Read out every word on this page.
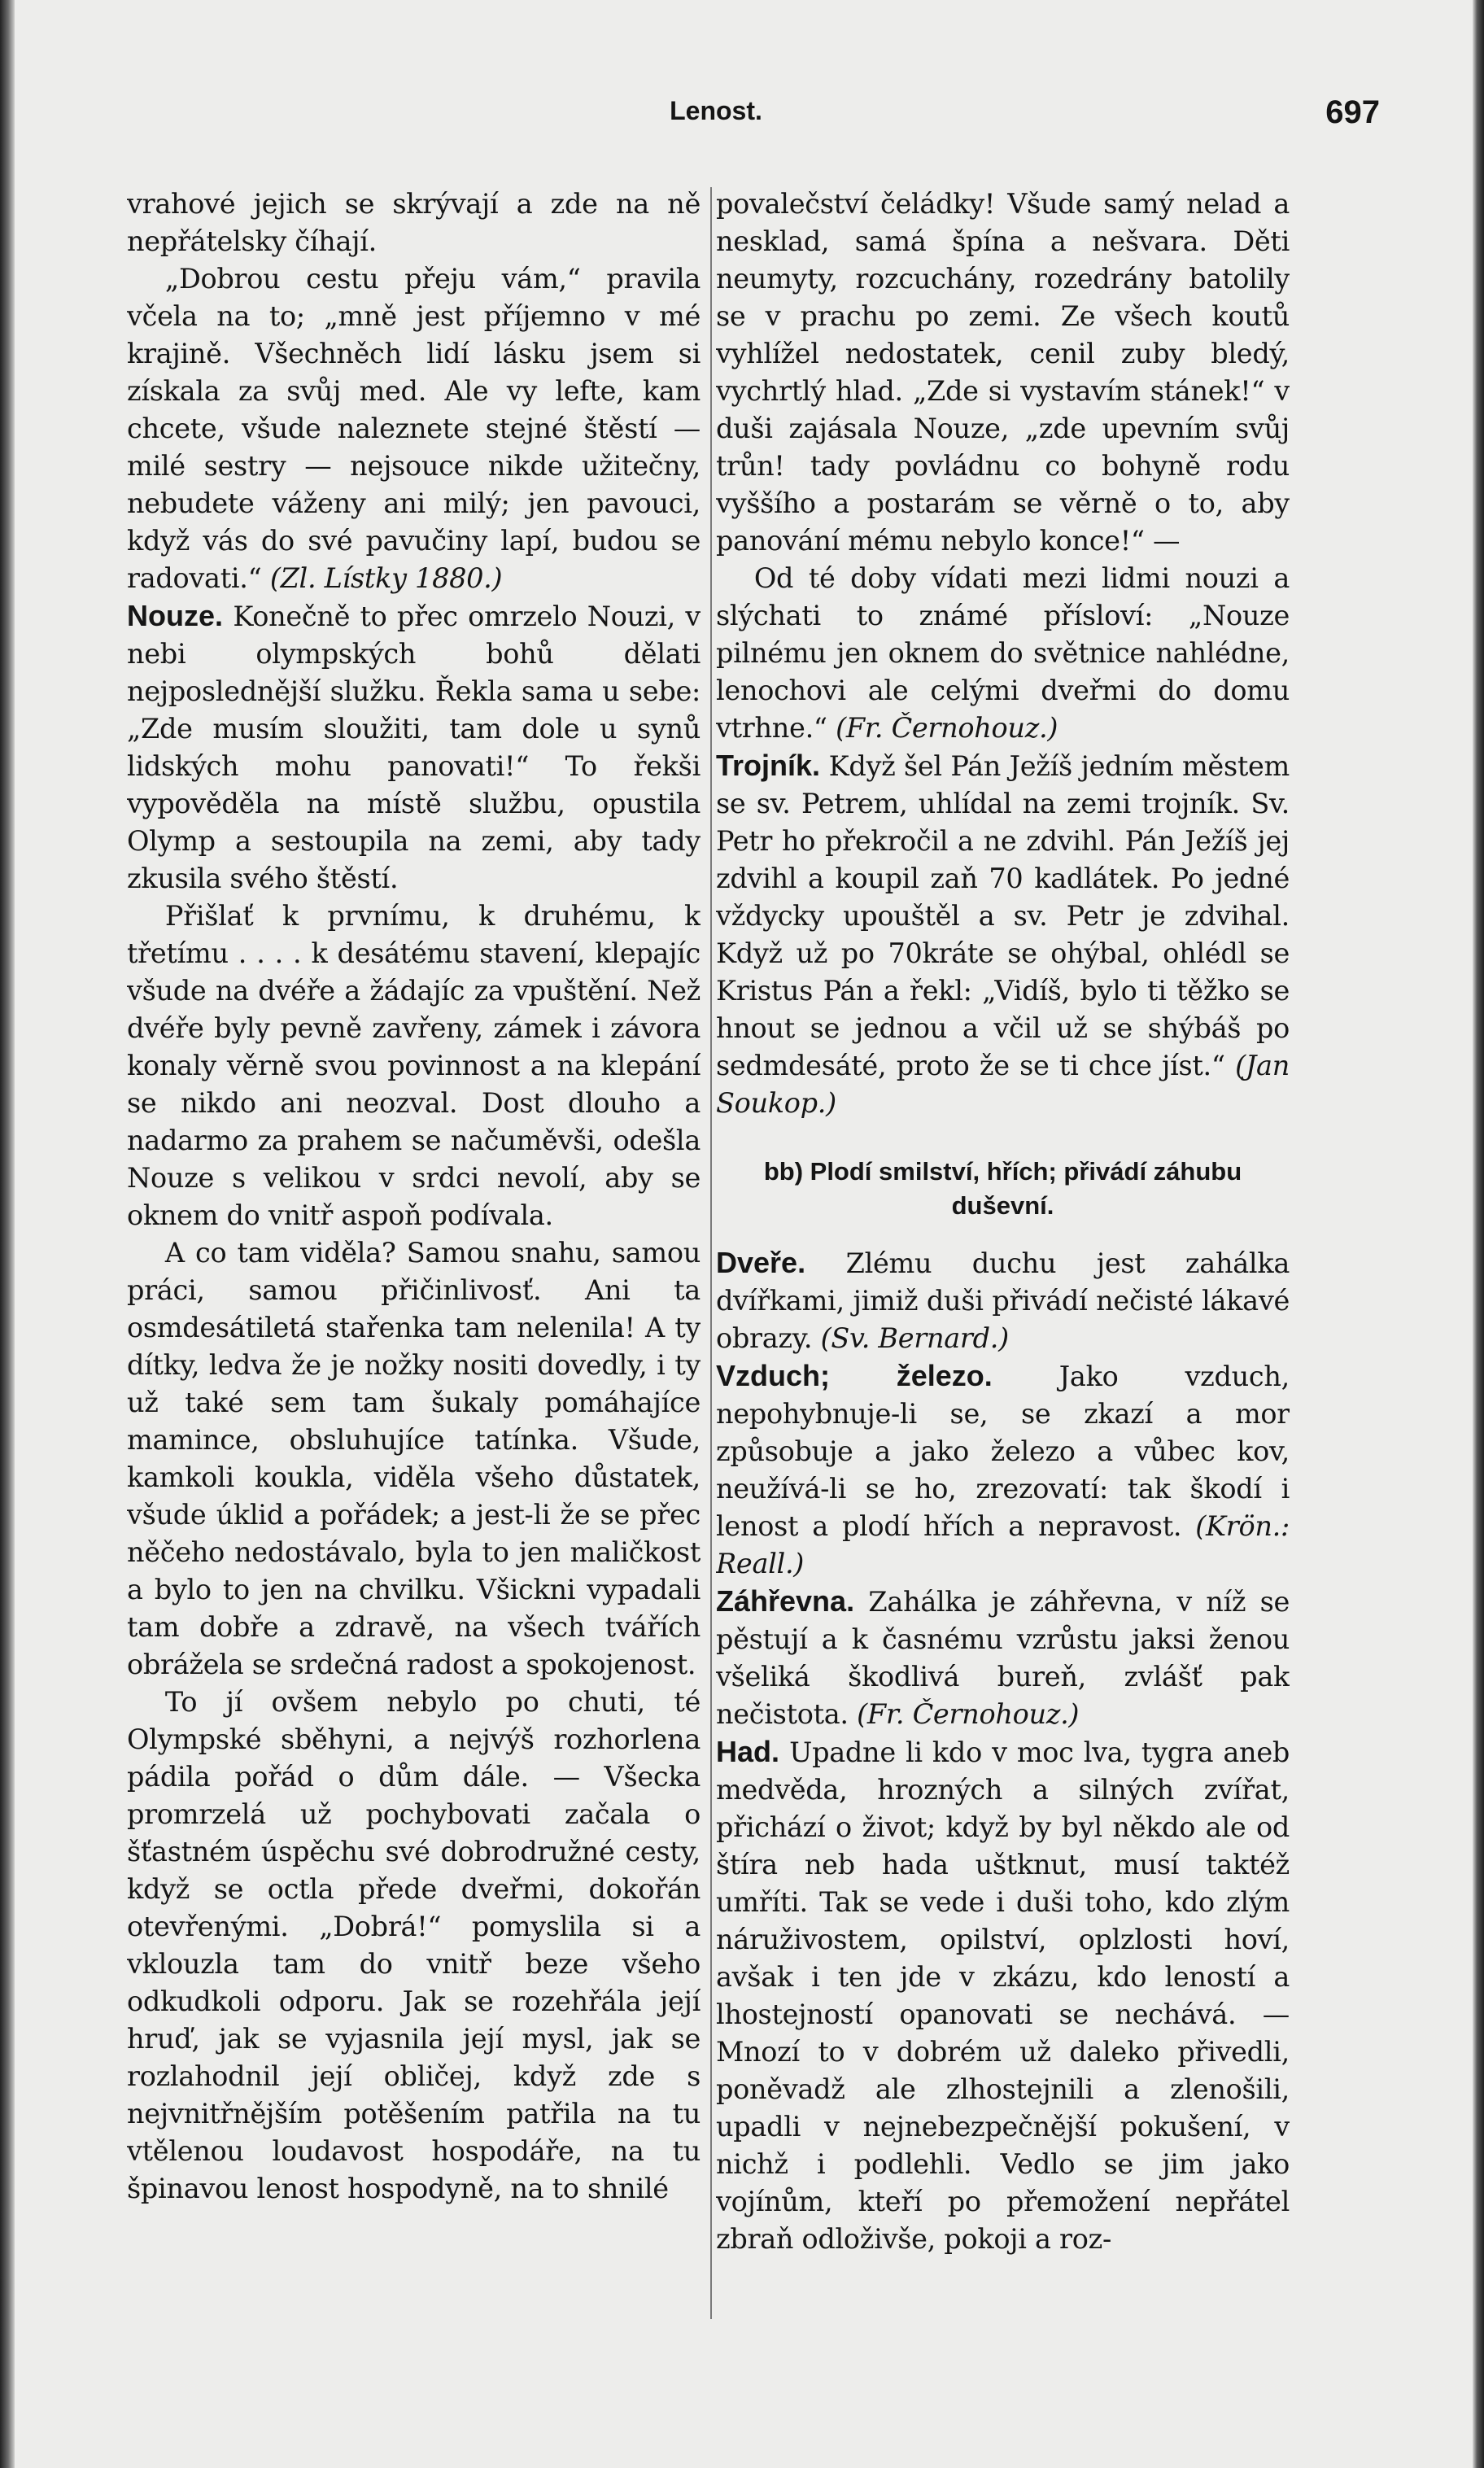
Lenost.	697

vrahové jejich se skrývají a zde na ně nepřátelsky číhají.

„Dobrou cestu přeju vám,“ pravila včela na to; „mně jest příjemno v mé krajině. Všechněch lidí lásku jsem si získala za svůj med. Ale vy lefte, kam chcete, všude naleznete stejné štěstí — milé sestry — nejsouce nikde užitečny, nebudete váženy ani milý; jen pavouci, když vás do své pavučiny lapí, budou se radovati.“ (Zl. Lístky 1880.)

Nouze. Konečně to přec omrzelo Nouzi, v nebi olympských bohů dělati nejposlednější služku. Řekla sama u sebe: „Zde musím sloužiti, tam dole u synů lidských mohu panovati!“ To řekši vypověděla na místě službu, opustila Olymp a sestoupila na zemi, aby tady zkusila svého štěstí.

Přišlať k prvnímu, k druhému, k třetímu . . . . k desátému stavení, klepajíc všude na dvéře a žádajíc za vpuštění. Než dvéře byly pevně zavřeny, zámek i závora konaly věrně svou povinnost a na klepání se nikdo ani neozval. Dost dlouho a nadarmo za prahem se načuměvši, odešla Nouze s velikou v srdci nevolí, aby se oknem do vnitř aspoň podívala.

A co tam viděla? Samou snahu, samou práci, samou přičinlivosť. Ani ta osmdesátiletá stařenka tam nelenila! A ty dítky, ledva že je nožky nositi dovedly, i ty už také sem tam šukaly pomáhajíce mamince, obsluhujíce tatínka. Všude, kamkoli koukla, viděla všeho důstatek, všude úklid a pořádek; a jest-li že se přec něčeho nedostávalo, byla to jen maličkost a bylo to jen na chvilku. Všickni vypadali tam dobře a zdravě, na všech tvářích obrážela se srdečná radost a spokojenost.

To jí ovšem nebylo po chuti, té Olympské sběhyni, a nejvýš rozhorlena pádila pořád o dům dále. — Všecka promrzelá už pochybovati začala o šťastném úspěchu své dobrodružné cesty, když se octla přede dveřmi, dokořán otevřenými. „Dobrá!“ pomyslila si a vklouzla tam do vnitř beze všeho odkudkoli odporu. Jak se rozehřála její hruď, jak se vyjasnila její mysl, jak se rozlahodnil její obličej, když zde s nejvnitřnějším potěšením patřila na tu vtělenou loudavost hospodáře, na tu špinavou lenost hospodyně, na to shnilé

povalečství čeládky! Všude samý nelad a nesklad, samá špína a nešvara. Děti neumyty, rozcuchány, rozedrány batolily se v prachu po zemi. Ze všech koutů vyhlížel nedostatek, cenil zuby bledý, vychrtlý hlad. „Zde si vystavím stánek!“ v duši zajásala Nouze, „zde upevním svůj trůn! tady povládnu co bohyně rodu vyššího a postarám se věrně o to, aby panování mému nebylo konce!“ —

Od té doby vídati mezi lidmi nouzi a slýchati to známé přísloví: „Nouze pilnému jen oknem do světnice nahlédne, lenochovi ale celými dveřmi do domu vtrhne.“ (Fr. Černohouz.)

Trojník. Když šel Pán Ježíš jedním městem se sv. Petrem, uhlídal na zemi trojník. Sv. Petr ho překročil a ne zdvihl. Pán Ježíš jej zdvihl a koupil zaň 70 kadlátek. Po jedné vždycky upouštěl a sv. Petr je zdvihal. Když už po 70kráte se ohýbal, ohlédl se Kristus Pán a řekl: „Vidíš, bylo ti těžko se hnout se jednou a včil už se shýbáš po sedmdesáté, proto že se ti chce jíst.“ (Jan Soukop.)

bb) Plodí smilství, hřích; přivádí záhubu duševní.

Dveře. Zlému duchu jest zahálka dvířkami, jimiž duši přivádí nečisté lákavé obrazy. (Sv. Bernard.)

Vzduch; železo. Jako vzduch, nepohybnuje-li se, se zkazí a mor způsobuje a jako železo a vůbec kov, neužívá-li se ho, zrezovatí: tak škodí i lenost a plodí hřích a nepravost. (Krön.: Reall.)

Záhřevna. Zahálka je záhřevna, v níž se pěstují a k časnému vzrůstu jaksi ženou všeliká škodlivá bureň, zvlášť pak nečistota. (Fr. Černohouz.)

Had. Upadne li kdo v moc lva, tygra aneb medvěda, hrozných a silných zvířat, přichází o život; když by byl někdo ale od štíra neb hada uštknut, musí taktéž umříti. Tak se vede i duši toho, kdo zlým náruživostem, opilství, oplzlosti hoví, avšak i ten jde v zkázu, kdo leností a lhostejností opanovati se nechává. — Mnozí to v dobrém už daleko přivedli, poněvadž ale zlhostejnili a zlenošili, upadli v nejnebezpečnější pokušení, v nichž i podlehli. Vedlo se jim jako vojínům, kteří po přemožení nepřátel zbraň odloživše, pokoji a roz-
